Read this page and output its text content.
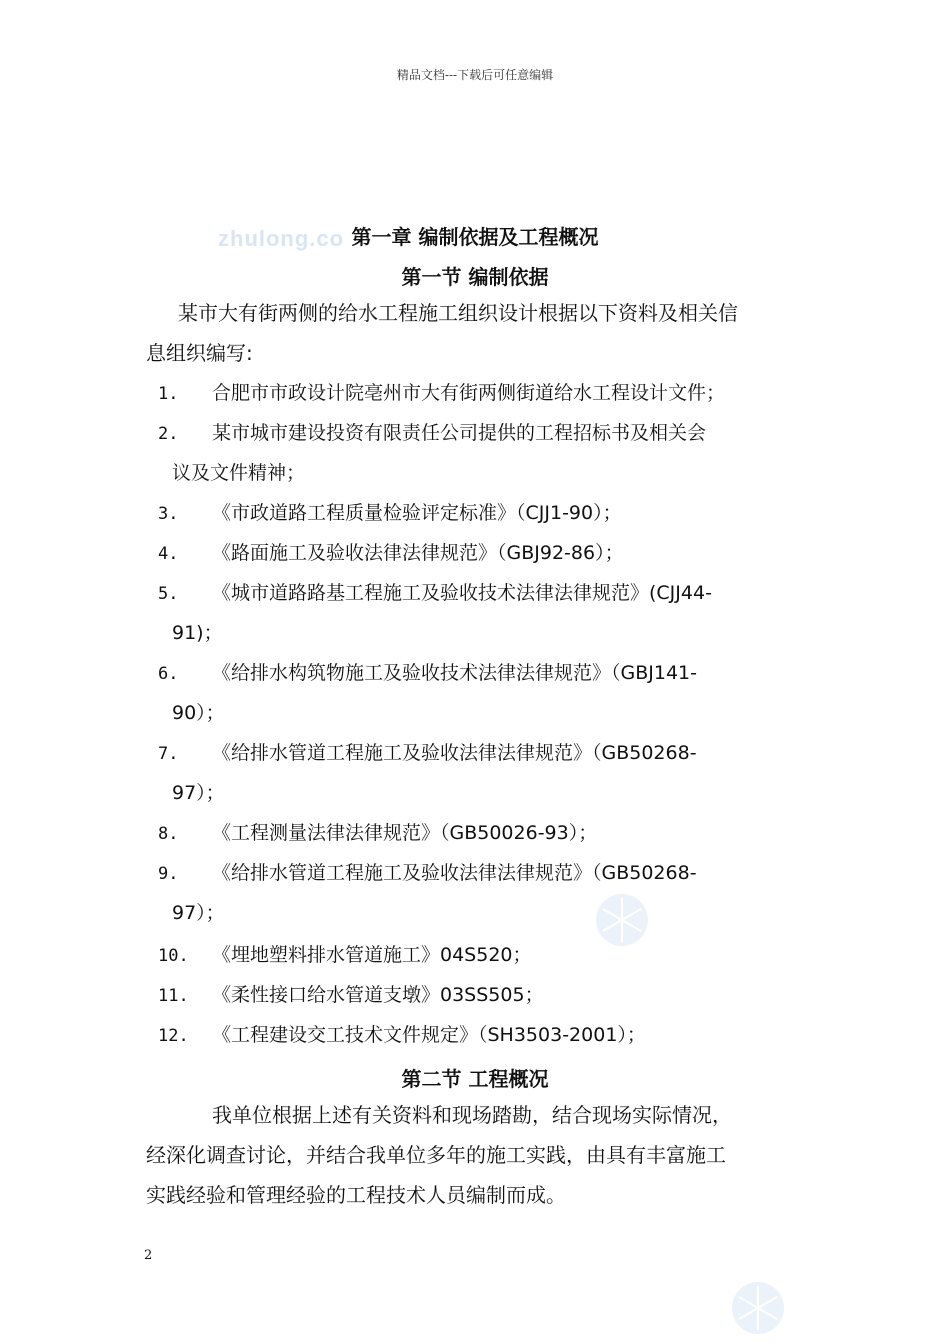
精品文档---下载后可任意编辑
zhulong.co 第一章 编制依据及工程概况
第一节 编制依据
某市大有街两侧的给水工程施工组织设计根据以下资料及相关信
息组织编写:
1. 合肥市市政设计院亳州市大有街两侧街道给水工程设计文件；
2. 某市城市建设投资有限责任公司提供的工程招标书及相关会
议及文件精神；
3. 《市政道路工程质量检验评定标准》（CJJ1-90）；
4. 《路面施工及验收法律法律规范》（GBJ92-86）；
5. 《城市道路路基工程施工及验收技术法律法律规范》(CJJ44-
91)；
6. 《给排水构筑物施工及验收技术法律法律规范》（GBJ141-
90）；
7. 《给排水管道工程施工及验收法律法律规范》（GB50268-
97）；
8. 《工程测量法律法律规范》（GB50026-93）；
9. 《给排水管道工程施工及验收法律法律规范》（GB50268-
97）；
10. 《埋地塑料排水管道施工》04S520；
11. 《柔性接口给水管道支墩》03SS505；
12. 《工程建设交工技术文件规定》（SH3503-2001）；
第二节 工程概况
我单位根据上述有关资料和现场踏勘，结合现场实际情况，
经深化调查讨论，并结合我单位多年的施工实践，由具有丰富施工
实践经验和管理经验的工程技术人员编制而成。
2
